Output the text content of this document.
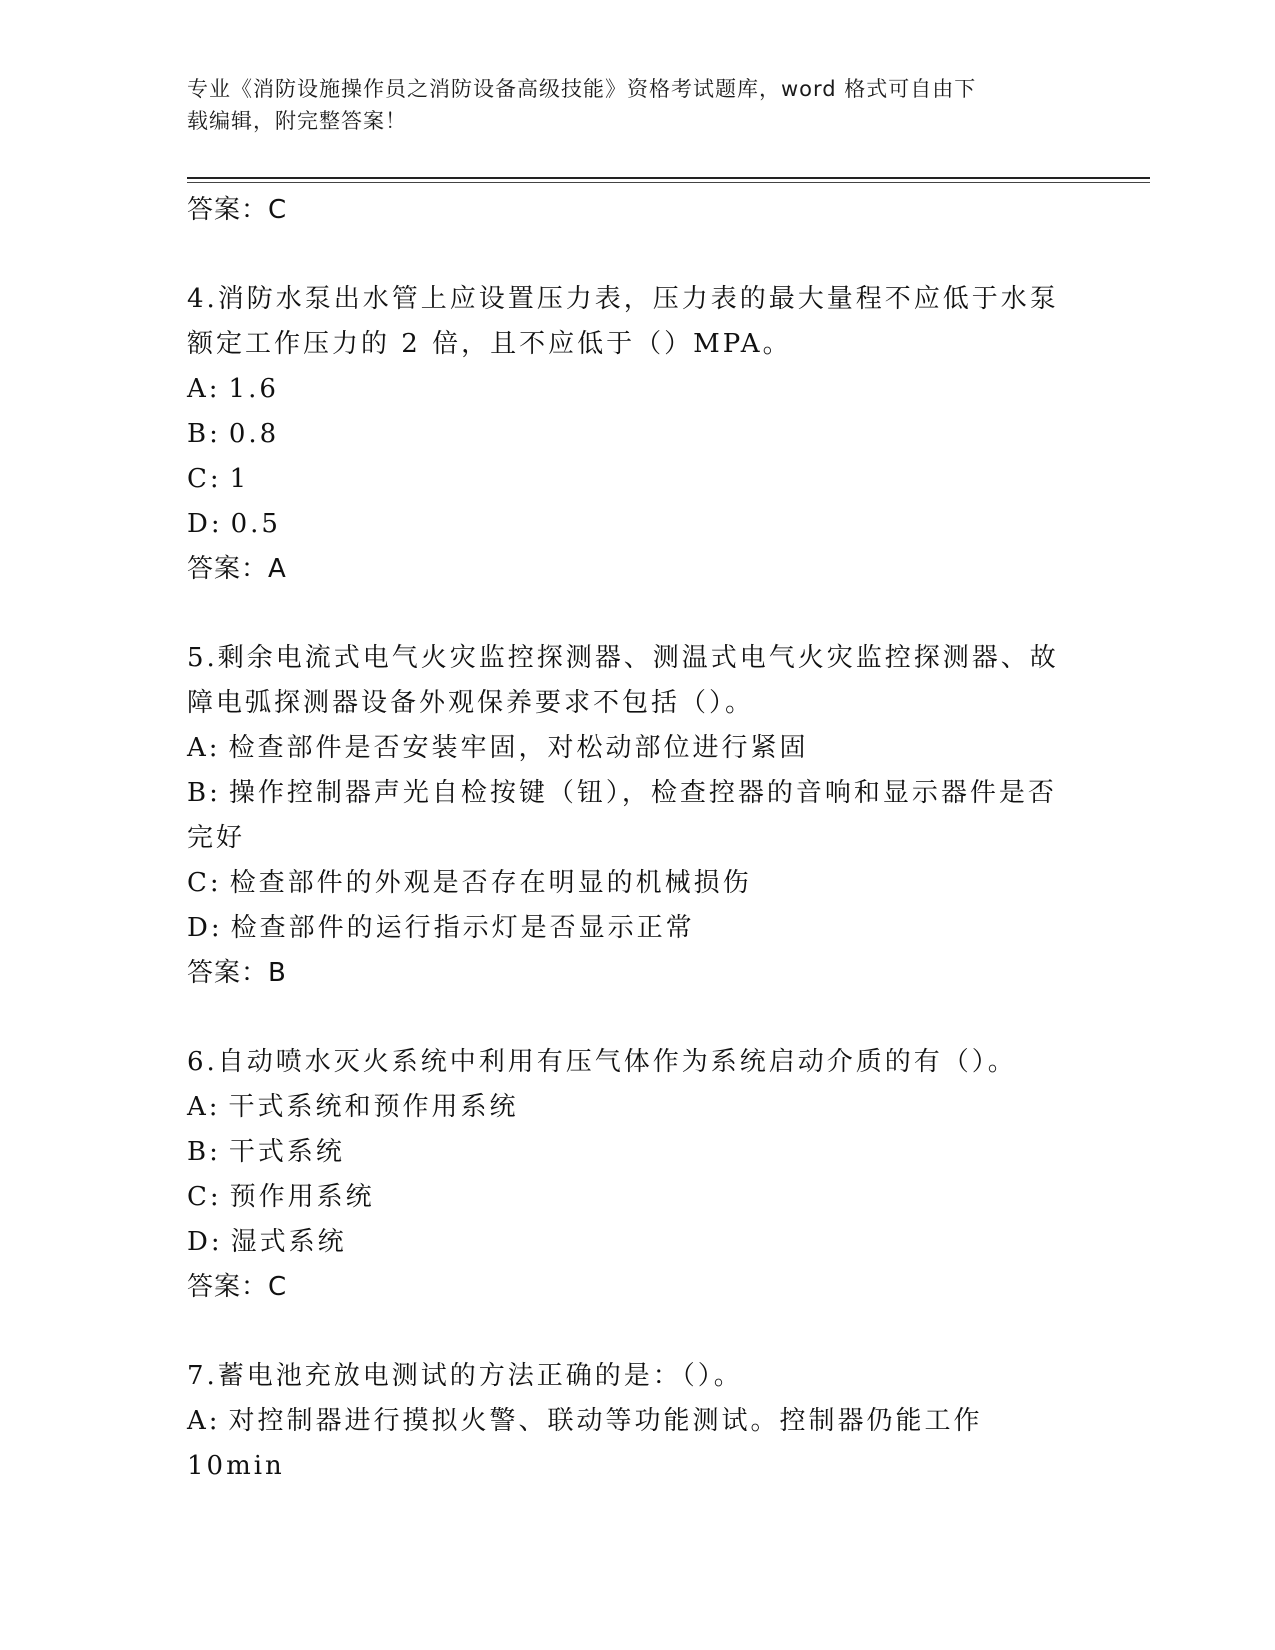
专业《消防设施操作员之消防设备高级技能》资格考试题库，word 格式可自由下
载编辑，附完整答案！
答案：C
4.消防水泵出水管上应设置压力表，压力表的最大量程不应低于水泵
额定工作压力的 2 倍，且不应低于（）MPA。
A: 1.6
B: 0.8
C: 1
D: 0.5
答案：A
5.剩余电流式电气火灾监控探测器、测温式电气火灾监控探测器、故
障电弧探测器设备外观保养要求不包括（）。
A: 检查部件是否安装牢固，对松动部位进行紧固
B: 操作控制器声光自检按键（钮），检查控器的音响和显示器件是否
完好
C: 检查部件的外观是否存在明显的机械损伤
D: 检查部件的运行指示灯是否显示正常
答案：B
6.自动喷水灭火系统中利用有压气体作为系统启动介质的有（）。
A: 干式系统和预作用系统
B: 干式系统
C: 预作用系统
D: 湿式系统
答案：C
7.蓄电池充放电测试的方法正确的是：（）。
A: 对控制器进行摸拟火警、联动等功能测试。控制器仍能工作 10min
